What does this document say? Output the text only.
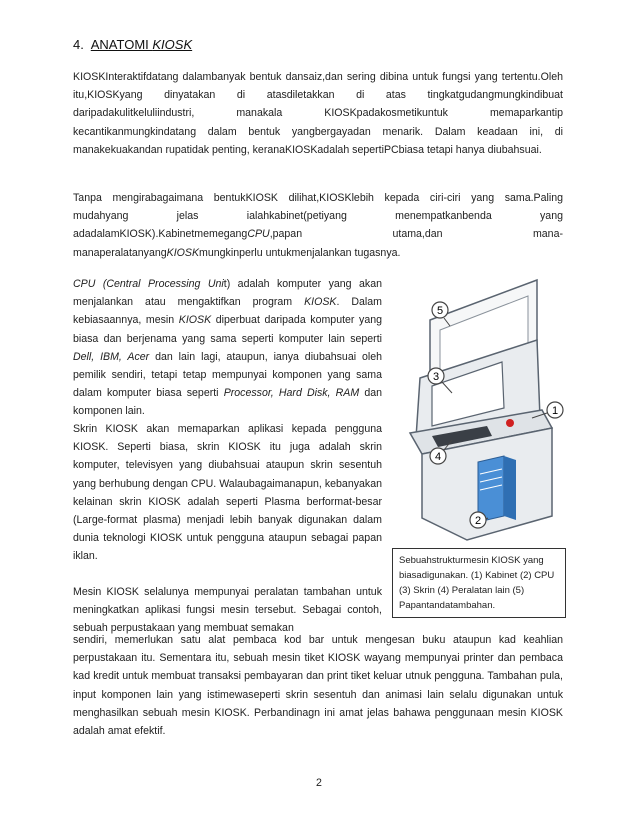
4. ANATOMI KIOSK

KIOSKInteraktifdatang dalambanyak bentuk dansaiz,dan sering dibina untuk fungsi yang tertentu.Oleh itu,KIOSKyang dinyatakan di atasdiletakkan di atas tingkatgudangmungkindibuat daripadakulitkeluliindustri, manakala KIOSKpadakosmetikuntuk memaparkantip kecantikanmungkindatang dalam bentuk yangbergayadan menarik. Dalam keadaan ini, di manakekuakandan rupatidak penting, keranaKIOSKadalah sepertiPCbiasa tetapi hanya diubahsuai.

Tanpa mengirabagaimana bentukKIOSK dilihat,KIOSKlebih kepada ciri-ciri yang sama.Paling mudahyang jelas ialahkabinet(petiyang menempatkanbenda yang adadalamKIOSK).KabinetmemegangCPU,papan utama,dan mana-manaperalatanyangKIOSKmungkinperlu untukmenjalankan tugasnya.

CPU (Central Processing Unit) adalah komputer yang akan menjalankan atau mengaktifkan program KIOSK. Dalam kebiasaannya, mesin KIOSK diperbuat daripada komputer yang biasa dan berjenama yang sama seperti komputer lain seperti Dell, IBM, Acer dan lain lagi, ataupun, ianya diubahsuai oleh pemilik sendiri, tetapi tetap mempunyai komponen yang sama dalam komputer biasa seperti Processor, Hard Disk, RAM dan komponen lain.

Skrin KIOSK akan memaparkan aplikasi kepada pengguna KIOSK. Seperti biasa, skrin KIOSK itu juga adalah skrin komputer, televisyen yang diubahsuai ataupun skrin sesentuh yang berhubung dengan CPU. Walaubagaimanapun, kebanyakan kelainan skrin KIOSK adalah seperti Plasma berformat-besar (Large-format plasma) menjadi lebih banyak digunakan dalam dunia teknologi KIOSK untuk pengguna ataupun sebagai papan iklan.

Mesin KIOSK selalunya mempunyai peralatan tambahan untuk meningkatkan aplikasi fungsi mesin tersebut. Sebagai contoh, sebuah perpustakaan yang membuat semakan

sendiri, memerlukan satu alat pembaca kod bar untuk mengesan buku ataupun kad keahlian perpustakaan itu. Sementara itu, sebuah mesin tiket KIOSK wayang mempunyai printer dan pembaca kad kredit untuk membuat transaksi pembayaran dan print tiket keluar utnuk pengguna. Tambahan pula, input komponen lain yang istimewaseperti skrin sesentuh dan animasi lain selalu digunakan untuk menghasilkan sebuah mesin KIOSK. Perbandinagn ini amat jelas bahawa penggunaan mesin KIOSK adalah amat efektif.

1
2
3
4
5
Sebuahstrukturmesin KIOSK yang biasadigunakan. (1) Kabinet (2) CPU (3) Skrin (4) Peralatan lain (5) Papantandatambahan.
2
